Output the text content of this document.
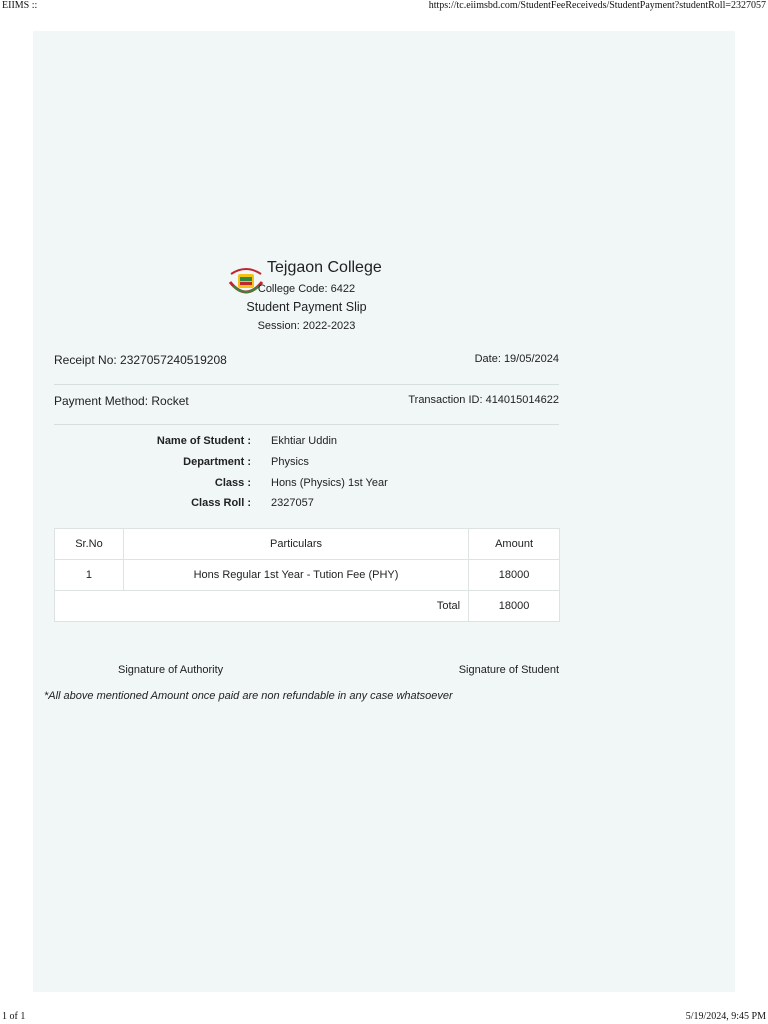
EIIMS ::	https://tc.eiimsbd.com/StudentFeeReceiveds/StudentPayment?studentRoll=2327057
Tejgaon College
College Code: 6422
Student Payment Slip
Session: 2022-2023
Receipt No: 2327057240519208	Date: 19/05/2024
Payment Method: Rocket	Transaction ID: 414015014622
Name of Student : Ekhtiar Uddin
Department : Physics
Class : Hons (Physics) 1st Year
Class Roll : 2327057
Sr.No	Particulars	Amount
1	Hons Regular 1st Year - Tution Fee (PHY)	18000
Total		18000
Signature of Authority	Signature of Student
*All above mentioned Amount once paid are non refundable in any case whatsoever
1 of 1	5/19/2024, 9:45 PM
